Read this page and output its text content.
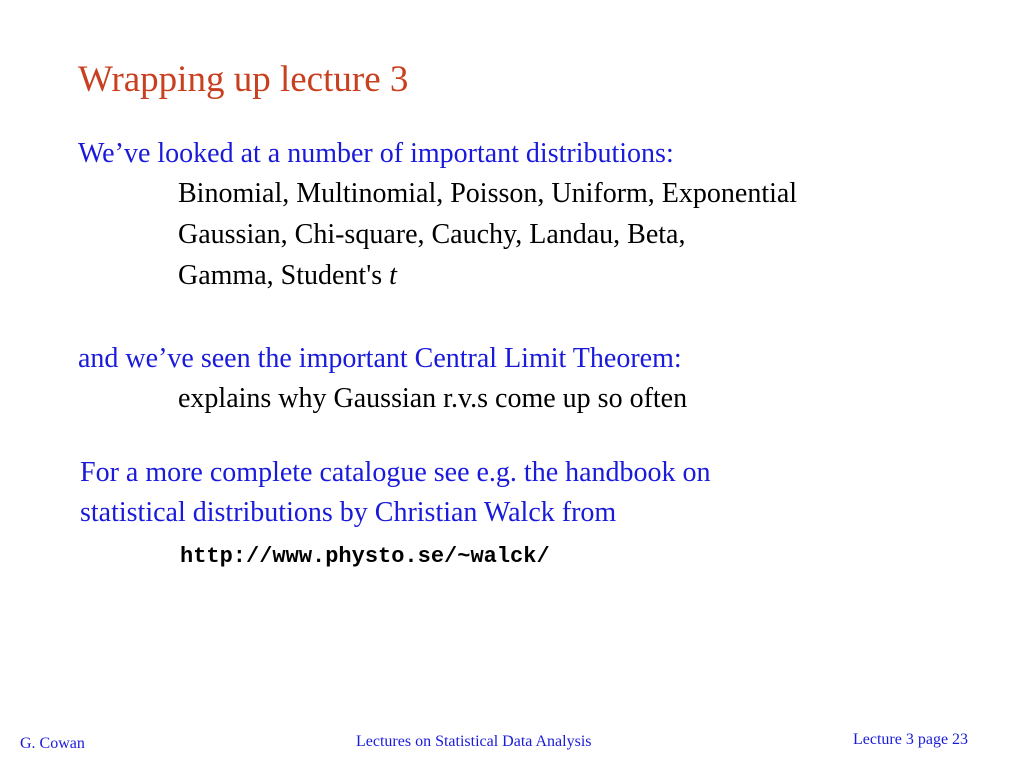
Wrapping up lecture 3
We’ve looked at a number of important distributions:
Binomial, Multinomial, Poisson, Uniform, Exponential
Gaussian, Chi-square, Cauchy, Landau, Beta,
Gamma, Student's t
and we’ve seen the important Central Limit Theorem:
explains why Gaussian r.v.s come up so often
For a more complete catalogue see e.g. the handbook on
statistical distributions by Christian Walck from
http://www.physto.se/~walck/
G. Cowan	Lectures on Statistical Data Analysis	Lecture 3 page 23
